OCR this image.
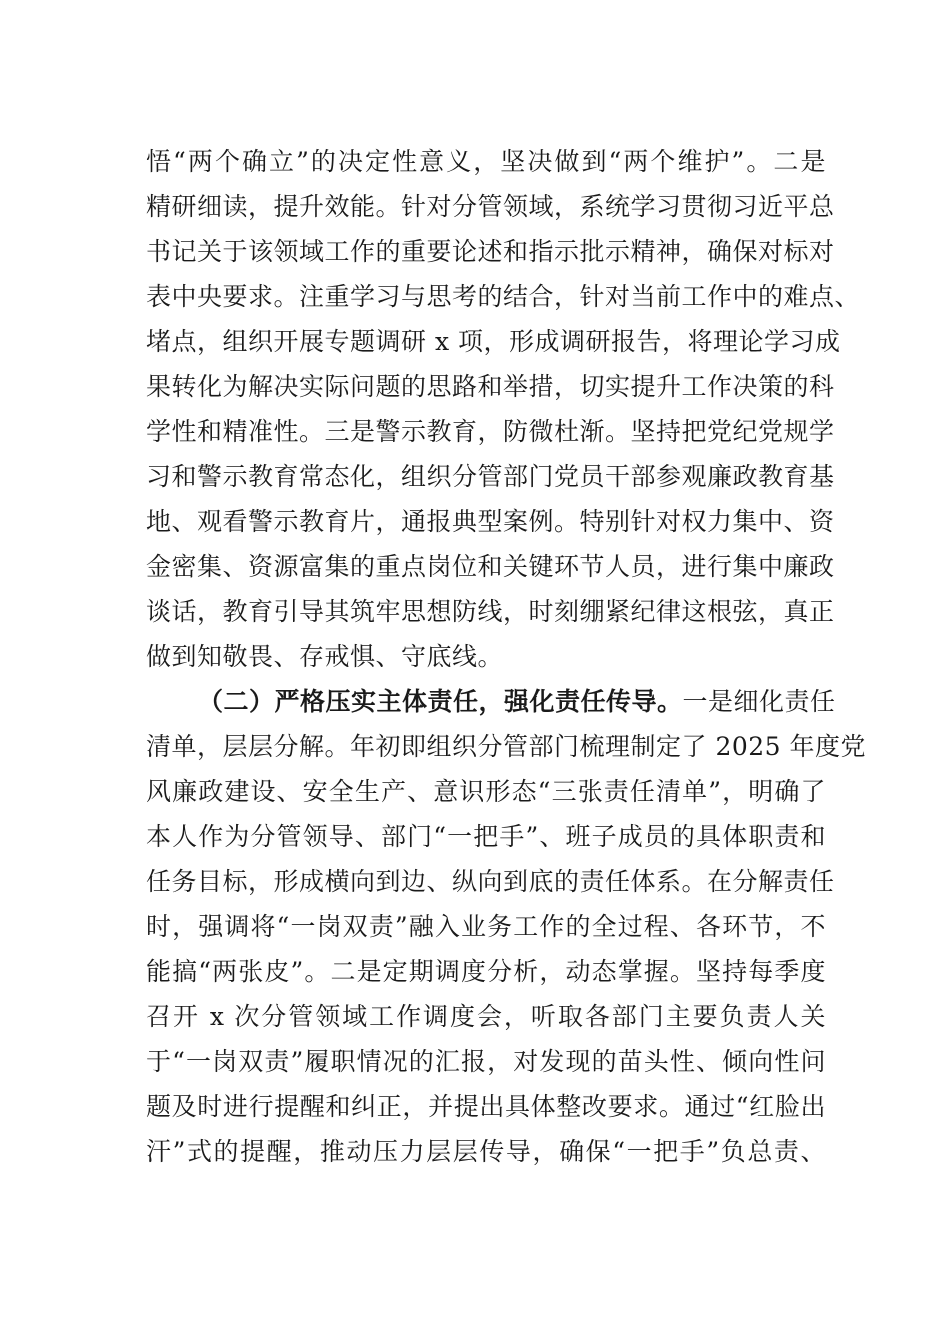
悟“两个确立”的决定性意义，坚决做到“两个维护”。二是
精研细读，提升效能。针对分管领域，系统学习贯彻习近平总
书记关于该领域工作的重要论述和指示批示精神，确保对标对
表中央要求。注重学习与思考的结合，针对当前工作中的难点、
堵点，组织开展专题调研 x 项，形成调研报告，将理论学习成
果转化为解决实际问题的思路和举措，切实提升工作决策的科
学性和精准性。三是警示教育，防微杜渐。坚持把党纪党规学
习和警示教育常态化，组织分管部门党员干部参观廉政教育基
地、观看警示教育片，通报典型案例。特别针对权力集中、资
金密集、资源富集的重点岗位和关键环节人员，进行集中廉政
谈话，教育引导其筑牢思想防线，时刻绷紧纪律这根弦，真正
做到知敬畏、存戒惧、守底线。
（二）严格压实主体责任，强化责任传导。一是细化责任
清单，层层分解。年初即组织分管部门梳理制定了 2025 年度党
风廉政建设、安全生产、意识形态“三张责任清单”，明确了
本人作为分管领导、部门“一把手”、班子成员的具体职责和
任务目标，形成横向到边、纵向到底的责任体系。在分解责任
时，强调将“一岗双责”融入业务工作的全过程、各环节，不
能搞“两张皮”。二是定期调度分析，动态掌握。坚持每季度
召开 x 次分管领域工作调度会，听取各部门主要负责人关
于“一岗双责”履职情况的汇报，对发现的苗头性、倾向性问
题及时进行提醒和纠正，并提出具体整改要求。通过“红脸出
汗”式的提醒，推动压力层层传导，确保“一把手”负总责、
